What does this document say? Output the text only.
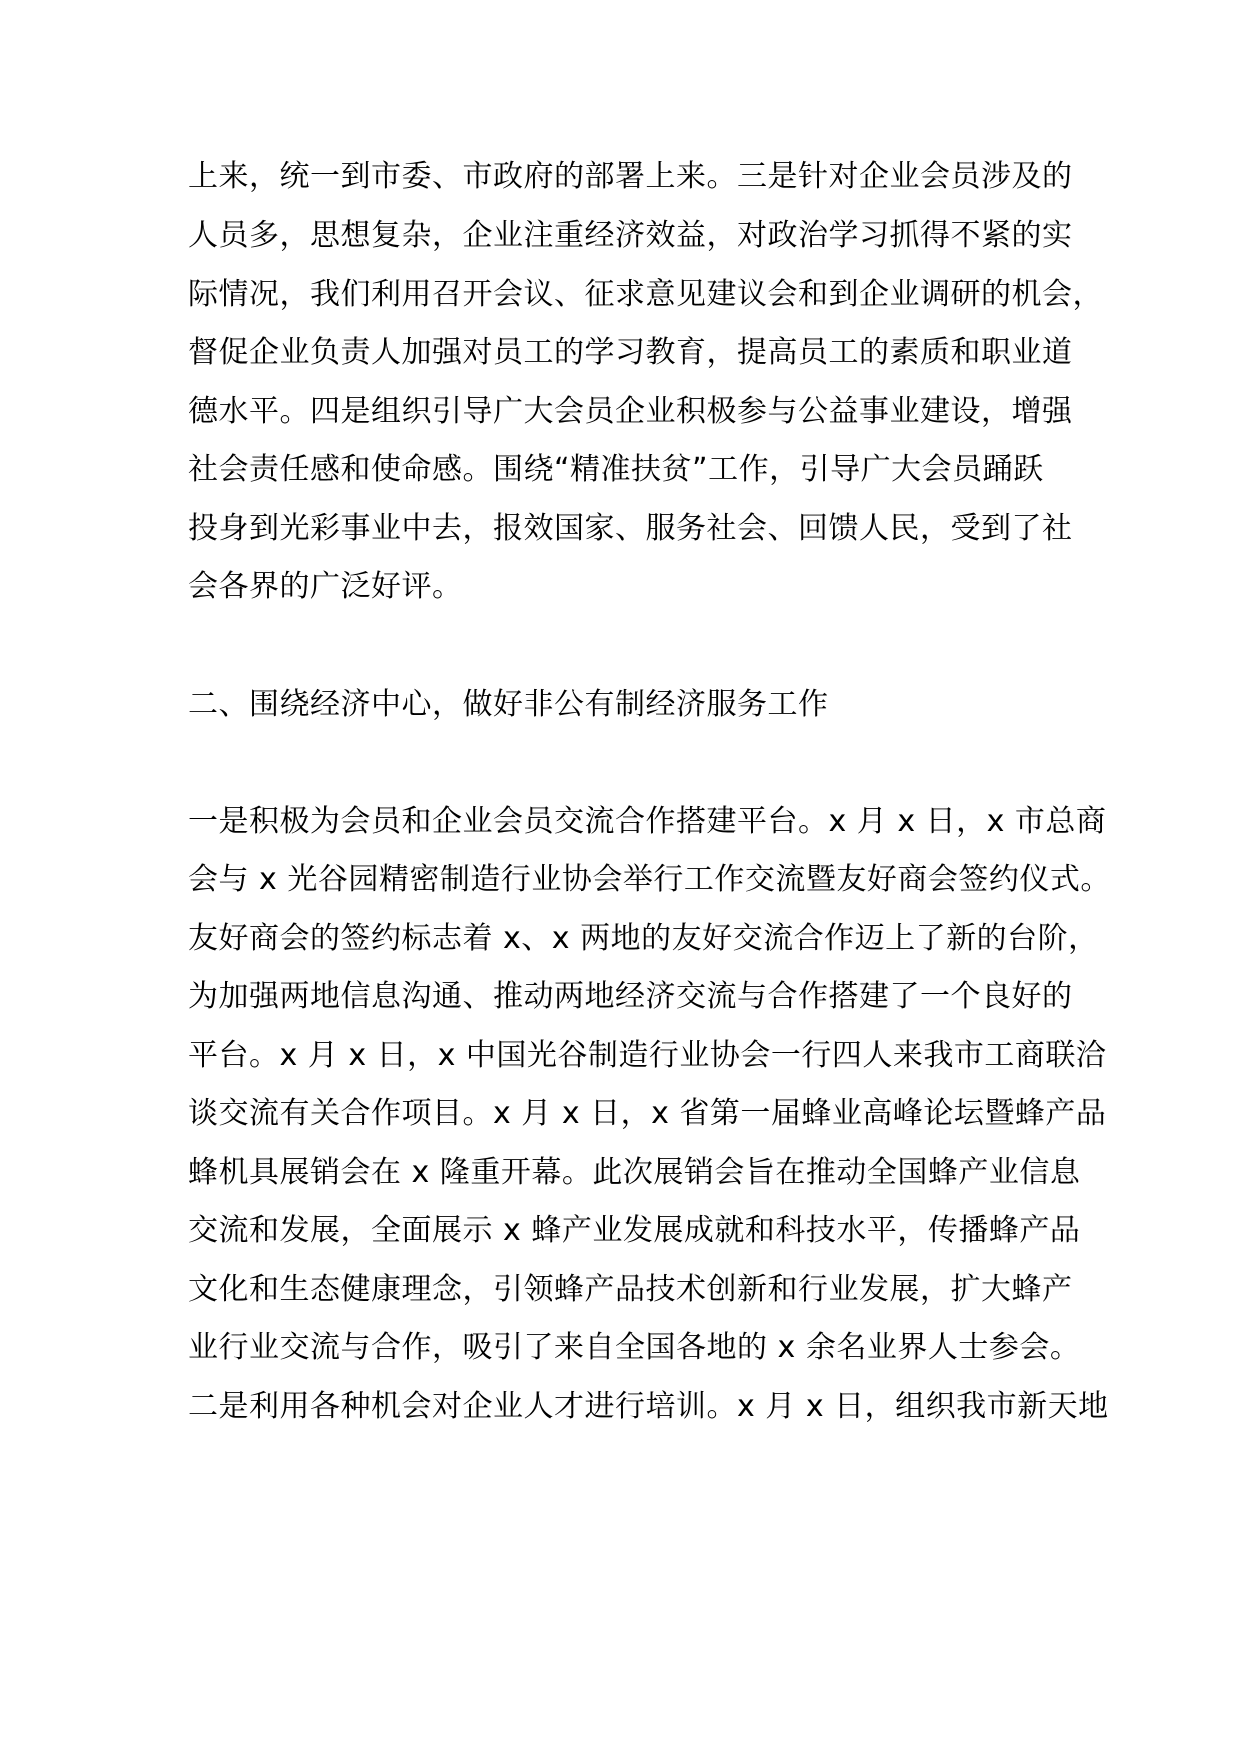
上来，统一到市委、市政府的部署上来。三是针对企业会员涉及的
人员多，思想复杂，企业注重经济效益，对政治学习抓得不紧的实
际情况，我们利用召开会议、征求意见建议会和到企业调研的机会，
督促企业负责人加强对员工的学习教育，提高员工的素质和职业道
德水平。四是组织引导广大会员企业积极参与公益事业建设，增强
社会责任感和使命感。围绕“精准扶贫”工作，引导广大会员踊跃
投身到光彩事业中去，报效国家、服务社会、回馈人民，受到了社
会各界的广泛好评。
二、围绕经济中心，做好非公有制经济服务工作
一是积极为会员和企业会员交流合作搭建平台。x 月 x 日，x 市总商
会与 x 光谷园精密制造行业协会举行工作交流暨友好商会签约仪式。
友好商会的签约标志着 x、x 两地的友好交流合作迈上了新的台阶，
为加强两地信息沟通、推动两地经济交流与合作搭建了一个良好的
平台。x 月 x 日，x 中国光谷制造行业协会一行四人来我市工商联洽
谈交流有关合作项目。x 月 x 日，x 省第一届蜂业高峰论坛暨蜂产品
蜂机具展销会在 x 隆重开幕。此次展销会旨在推动全国蜂产业信息
交流和发展，全面展示 x 蜂产业发展成就和科技水平，传播蜂产品
文化和生态健康理念，引领蜂产品技术创新和行业发展，扩大蜂产
业行业交流与合作，吸引了来自全国各地的 x 余名业界人士参会。
二是利用各种机会对企业人才进行培训。x 月 x 日，组织我市新天地
